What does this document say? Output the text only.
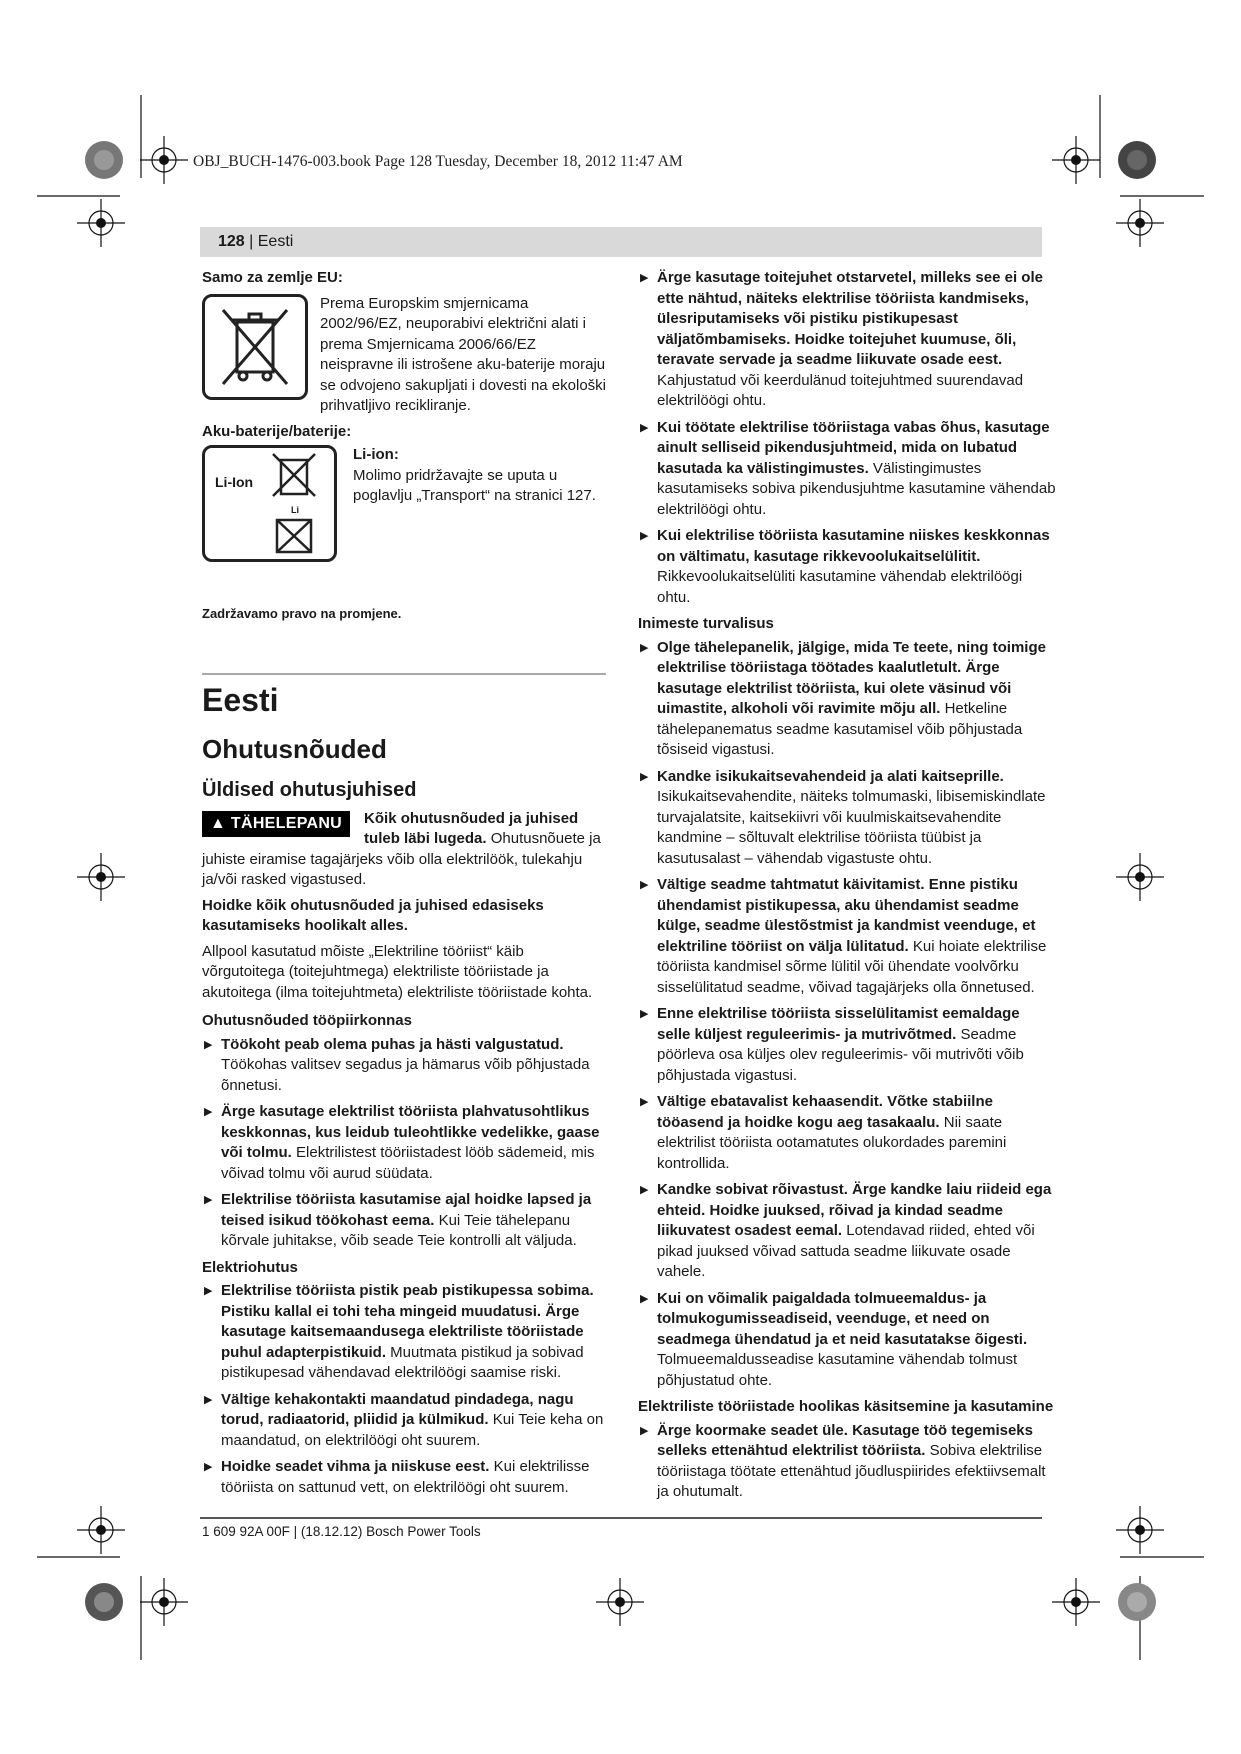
OBJ_BUCH-1476-003.book Page 128 Tuesday, December 18, 2012 11:47 AM
128 | Eesti

Samo za zemlje EU:

Prema Europskim smjernicama 2002/96/EZ, neuporabivi električni alati i prema Smjernicama 2006/66/EZ neispravne ili istrošene aku-baterije moraju se odvojeno sakupljati i dovesti na ekološki prihvatljivo recikliranje.

Aku-baterije/baterije:

Li-Ion
Li

Li-ion:

Molimo pridržavajte se uputa u poglavlju „Transport“ na stranici 127.

Zadržavamo pravo na promjene.

Eesti
Ohutusnõuded
Üldised ohutusjuhised
▲ TÄHELEPANU	Kõik ohutusnõuded ja juhised tuleb läbi lugeda. Ohutusnõuete ja juhiste eiramise tagajärjeks võib olla elektrilöök, tulekahju ja/või rasked vigastused.

Hoidke kõik ohutusnõuded ja juhised edasiseks kasutamiseks hoolikalt alles.

Allpool kasutatud mõiste „Elektriline tööriist“ käib võrgutoitega (toitejuhtmega) elektriliste tööriistade ja akutoitega (ilma toitejuhtmeta) elektriliste tööriistade kohta.

Ohutusnõuded tööpiirkonnas

▶ Töökoht peab olema puhas ja hästi valgustatud. Töökohas valitsev segadus ja hämarus võib põhjustada õnnetusi.
▶ Ärge kasutage elektrilist tööriista plahvatusohtlikus keskkonnas, kus leidub tuleohtlikke vedelikke, gaase või tolmu. Elektrilistest tööriistadest lööb sädemeid, mis võivad tolmu või aurud süüdata.
▶ Elektrilise tööriista kasutamise ajal hoidke lapsed ja teised isikud töökohast eema. Kui Teie tähelepanu kõrvale juhitakse, võib seade Teie kontrolli alt väljuda.

Elektriohutus

▶ Elektrilise tööriista pistik peab pistikupessa sobima. Pistiku kallal ei tohi teha mingeid muudatusi. Ärge kasutage kaitsemaandusega elektriliste tööriistade puhul adapterpistikuid. Muutmata pistikud ja sobivad pistikupesad vähendavad elektrilöögi saamise riski.
▶ Vältige kehakontakti maandatud pindadega, nagu torud, radiaatorid, pliidid ja külmikud. Kui Teie keha on maandatud, on elektrilöögi oht suurem.
▶ Hoidke seadet vihma ja niiskuse eest. Kui elektrilisse tööriista on sattunud vett, on elektrilöögi oht suurem.
▶ Ärge kasutage toitejuhet otstarvetel, milleks see ei ole ette nähtud, näiteks elektrilise tööriista kandmiseks, ülesriputamiseks või pistiku pistikupesast väljatõmbamiseks. Hoidke toitejuhet kuumuse, õli, teravate servade ja seadme liikuvate osade eest. Kahjustatud või keerdulänud toitejuhtmed suurendavad elektrilöögi ohtu.
▶ Kui töötate elektrilise tööriistaga vabas õhus, kasutage ainult selliseid pikendusjuhtmeid, mida on lubatud kasutada ka välistingimustes. Välistingimustes kasutamiseks sobiva pikendusjuhtme kasutamine vähendab elektrilöögi ohtu.
▶ Kui elektrilise tööriista kasutamine niiskes keskkonnas on vältimatu, kasutage rikkevoolukaitselülitit. Rikkevoolukaitselüliti kasutamine vähendab elektrilöögi ohtu.

Inimeste turvalisus

▶ Olge tähelepanelik, jälgige, mida Te teete, ning toimige elektrilise tööriistaga töötades kaalutletult. Ärge kasutage elektrilist tööriista, kui olete väsinud või uimastite, alkoholi või ravimite mõju all. Hetkeline tähelepanematus seadme kasutamisel võib põhjustada tõsiseid vigastusi.
▶ Kandke isikukaitsevahendeid ja alati kaitseprille. Isikukaitsevahendite, näiteks tolmumaski, libisemiskindlate turvajalatsite, kaitsekiivri või kuulmiskaitsevahendite kandmine – sõltuvalt elektrilise tööriista tüübist ja kasutusalast – vähendab vigastuste ohtu.
▶ Vältige seadme tahtmatut käivitamist. Enne pistiku ühendamist pistikupessa, aku ühendamist seadme külge, seadme ülestõstmist ja kandmist veenduge, et elektriline tööriist on välja lülitatud. Kui hoiate elektrilise tööriista kandmisel sõrme lülitil või ühendate voolvõrku sisselülitatud seadme, võivad tagajärjeks olla õnnetused.
▶ Enne elektrilise tööriista sisselülitamist eemaldage selle küljest reguleerimis- ja mutrivõtmed. Seadme pöörleva osa küljes olev reguleerimis- või mutrivõti võib põhjustada vigastusi.
▶ Vältige ebatavalist kehaasendit. Võtke stabiilne tööasend ja hoidke kogu aeg tasakaalu. Nii saate elektrilist tööriista ootamatutes olukordades paremini kontrollida.
▶ Kandke sobivat rõivastust. Ärge kandke laiu riideid ega ehteid. Hoidke juuksed, rõivad ja kindad seadme liikuvatest osadest eemal. Lotendavad riided, ehted või pikad juuksed võivad sattuda seadme liikuvate osade vahele.
▶ Kui on võimalik paigaldada tolmueemaldus- ja tolmukogumisseadiseid, veenduge, et need on seadmega ühendatud ja et neid kasutatakse õigesti. Tolmueemaldusseadise kasutamine vähendab tolmust põhjustatud ohte.

Elektriliste tööriistade hoolikas käsitsemine ja kasutamine

▶ Ärge koormake seadet üle. Kasutage töö tegemiseks selleks ettenähtud elektrilist tööriista. Sobiva elektrilise tööriistaga töötate ettenähtud jõudluspiirides efektiivsemalt ja ohutumalt.
1 609 92A 00F | (18.12.12) Bosch Power Tools
